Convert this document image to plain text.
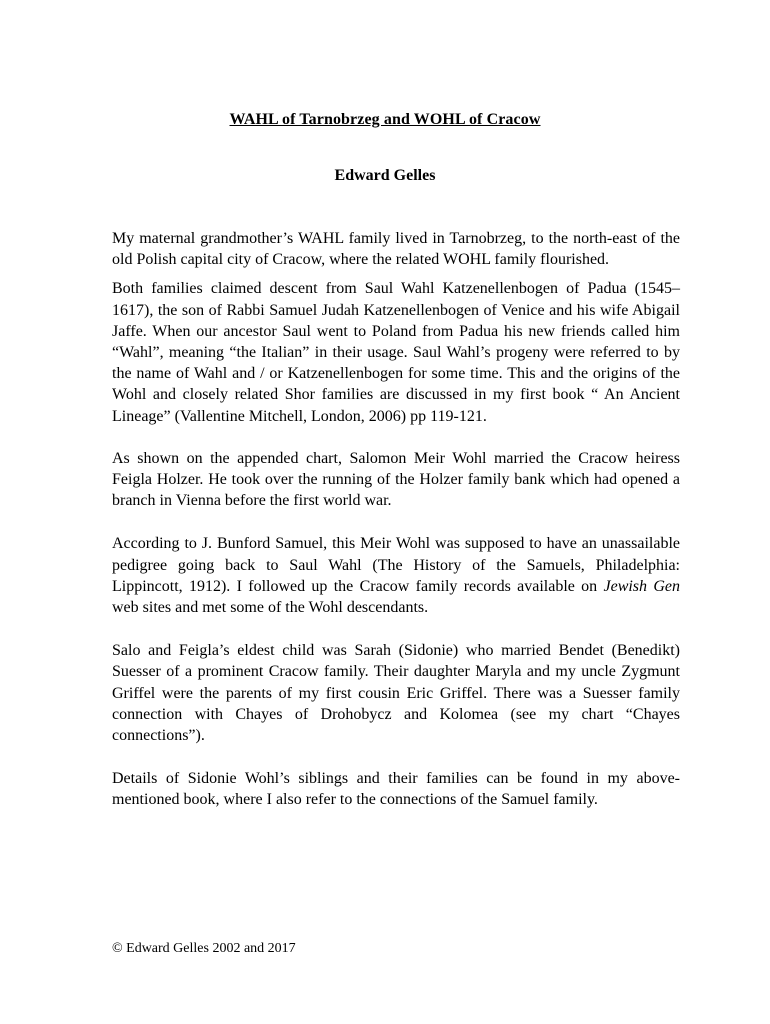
WAHL of Tarnobrzeg and WOHL of Cracow
Edward Gelles

My maternal grandmother’s WAHL family lived in Tarnobrzeg, to the north-east of the old Polish capital city of Cracow, where the related WOHL family flourished.

Both families claimed descent from Saul Wahl Katzenellenbogen of Padua (1545–1617), the son of Rabbi Samuel Judah Katzenellenbogen of Venice and his wife Abigail Jaffe. When our ancestor Saul went to Poland from Padua his new friends called him “Wahl”, meaning “the Italian” in their usage. Saul Wahl’s progeny were referred to by the name of Wahl and / or Katzenellenbogen for some time. This and the origins of the Wohl and closely related Shor families are discussed in my first book “ An Ancient Lineage” (Vallentine Mitchell, London, 2006) pp 119-121.

As shown on the appended chart, Salomon Meir Wohl married the Cracow heiress Feigla Holzer. He took over the running of the Holzer family bank which had opened a branch in Vienna before the first world war.

According to J. Bunford Samuel, this Meir Wohl was supposed to have an unassailable pedigree going back to Saul Wahl (The History of the Samuels, Philadelphia: Lippincott, 1912). I followed up the Cracow family records available on Jewish Gen web sites and met some of the Wohl descendants.

Salo and Feigla’s eldest child was Sarah (Sidonie) who married Bendet (Benedikt) Suesser of a prominent Cracow family. Their daughter Maryla and my uncle Zygmunt Griffel were the parents of my first cousin Eric Griffel. There was a Suesser family connection with Chayes of Drohobycz and Kolomea (see my chart “Chayes connections”).

Details of Sidonie Wohl’s siblings and their families can be found in my above-mentioned book, where I also refer to the connections of the Samuel family.

© Edward Gelles 2002 and 2017
